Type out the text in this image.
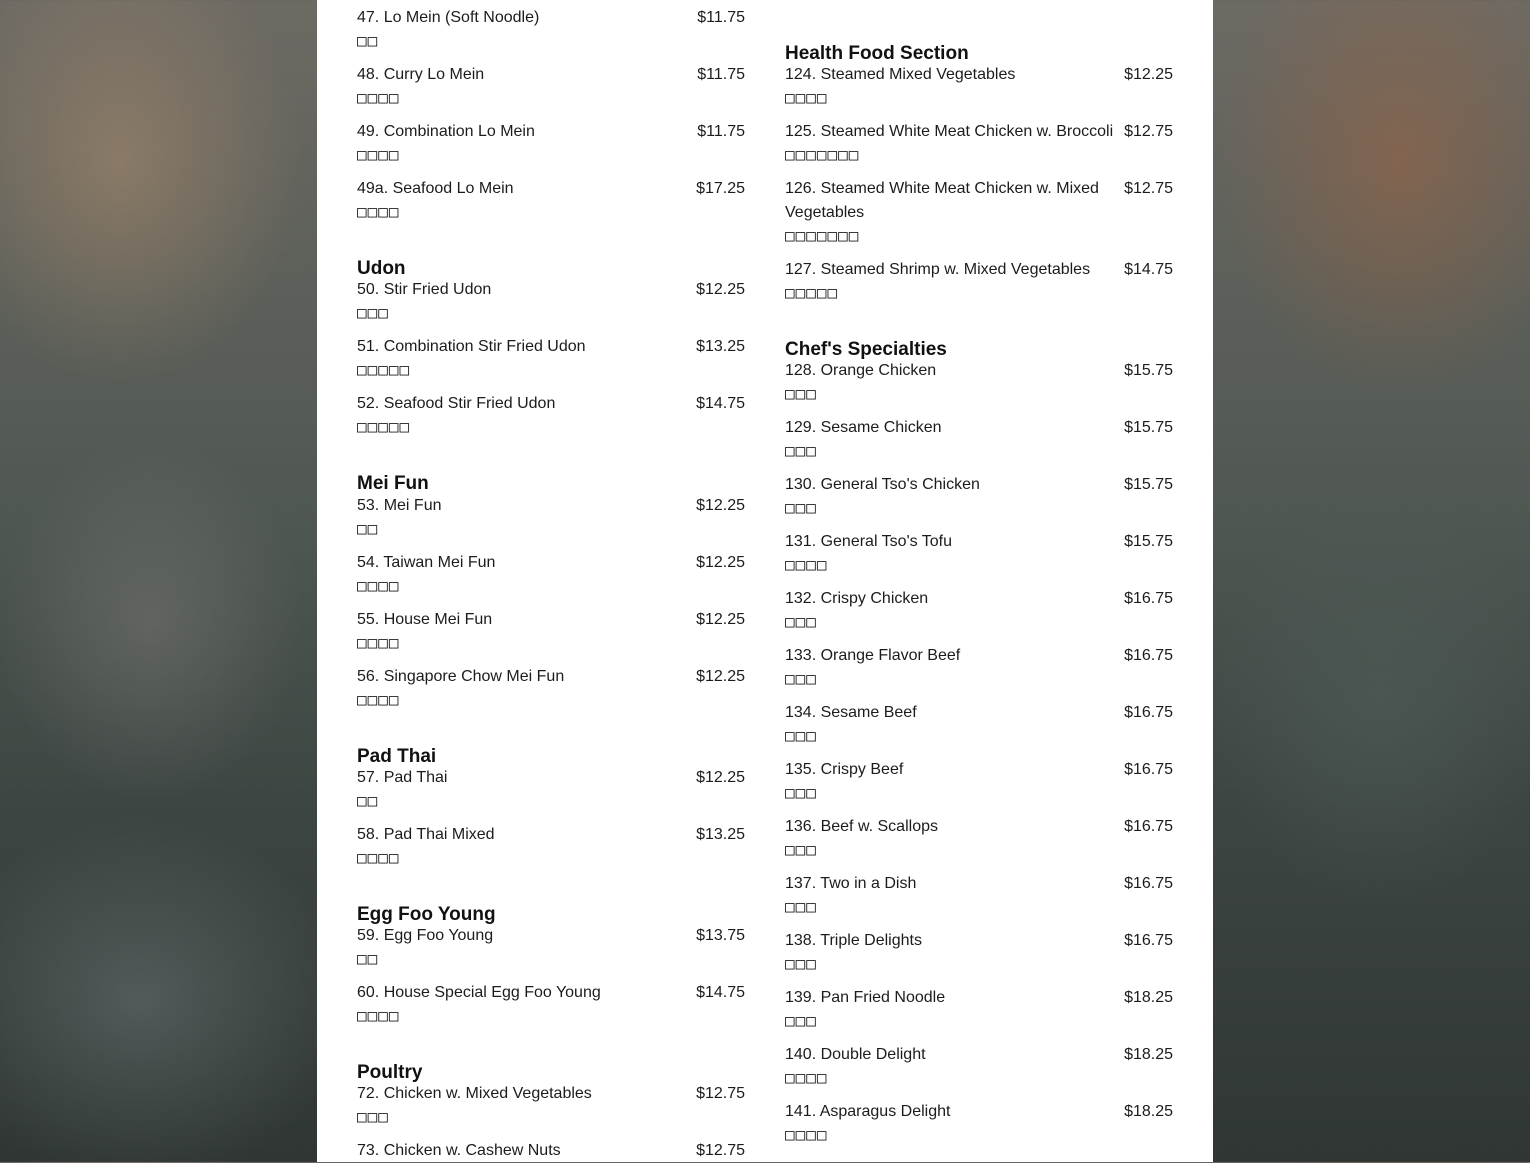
47. Lo Mein (Soft Noodle)	$11.75
□□
48. Curry Lo Mein	$11.75
□□□□
49. Combination Lo Mein	$11.75
□□□□
49a. Seafood Lo Mein	$17.25
□□□□
Udon
50. Stir Fried Udon	$12.25
□□□
51. Combination Stir Fried Udon	$13.25
□□□□□
52. Seafood Stir Fried Udon	$14.75
□□□□□
Mei Fun
53. Mei Fun	$12.25
□□
54. Taiwan Mei Fun	$12.25
□□□□
55. House Mei Fun	$12.25
□□□□
56. Singapore Chow Mei Fun	$12.25
□□□□
Pad Thai
57. Pad Thai	$12.25
□□
58. Pad Thai Mixed	$13.25
□□□□
Egg Foo Young
59. Egg Foo Young	$13.75
□□
60. House Special Egg Foo Young	$14.75
□□□□
Poultry
72. Chicken w. Mixed Vegetables	$12.75
□□□
73. Chicken w. Cashew Nuts	$12.75
Health Food Section
124. Steamed Mixed Vegetables	$12.25
□□□□
125. Steamed White Meat Chicken w. Broccoli $12.75
□□□□□□□
126. Steamed White Meat Chicken w. Mixed Vegetables
$12.75
□□□□□□□
127. Steamed Shrimp w. Mixed Vegetables $14.75
□□□□□
Chef's Specialties
128. Orange Chicken	$15.75
□□□
129. Sesame Chicken	$15.75
□□□
130. General Tso's Chicken	$15.75
□□□
131. General Tso's Tofu	$15.75
□□□□
132. Crispy Chicken	$16.75
□□□
133. Orange Flavor Beef	$16.75
□□□
134. Sesame Beef	$16.75
□□□
135. Crispy Beef	$16.75
□□□
136. Beef w. Scallops	$16.75
□□□
137. Two in a Dish	$16.75
□□□
138. Triple Delights	$16.75
□□□
139. Pan Fried Noodle	$18.25
□□□
140. Double Delight	$18.25
□□□□
141. Asparagus Delight	$18.25
□□□□
